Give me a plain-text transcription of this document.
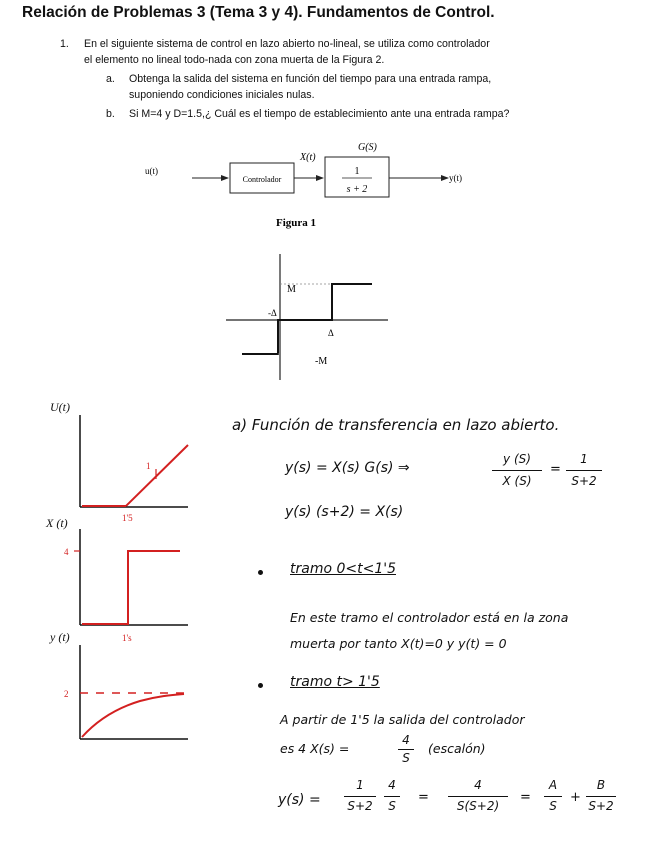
Relación de Problemas 3 (Tema 3 y 4). Fundamentos de Control.
1. En el siguiente sistema de control en lazo abierto no-lineal, se utiliza como controlador
el elemento no lineal todo-nada con zona muerta de la Figura 2.
a. Obtenga la salida del sistema en función del tiempo para una entrada rampa,
suponiendo condiciones iniciales nulas.
b. Si M=4 y D=1.5,¿ Cuál es el tiempo de establecimiento ante una entrada rampa?
u(t)
Controlador
X(t)
G(S)
1
s + 2
y(t)
Figura 1
M
-Δ
Δ
-M
U(t)
1
1'5
X (t)
4
y (t)	1's
2
a) Función de transferencia en lazo abierto.
y(s) = X(s) G(s) ⇒
y (S)
X (S)
=
1
S+2
y(s) (s+2) = X(s)
tramo 0<t<1'5
En este tramo el controlador está en la zona
muerta por tanto X(t)=0 y y(t) = 0
tramo t> 1'5
A partir de 1'5 la salida del controlador
es 4 X(s) =
4
S
(escalón)
y(s) =
1
S+2
4
S
=
4
S(S+2)
=
A
S
+
B
S+2
